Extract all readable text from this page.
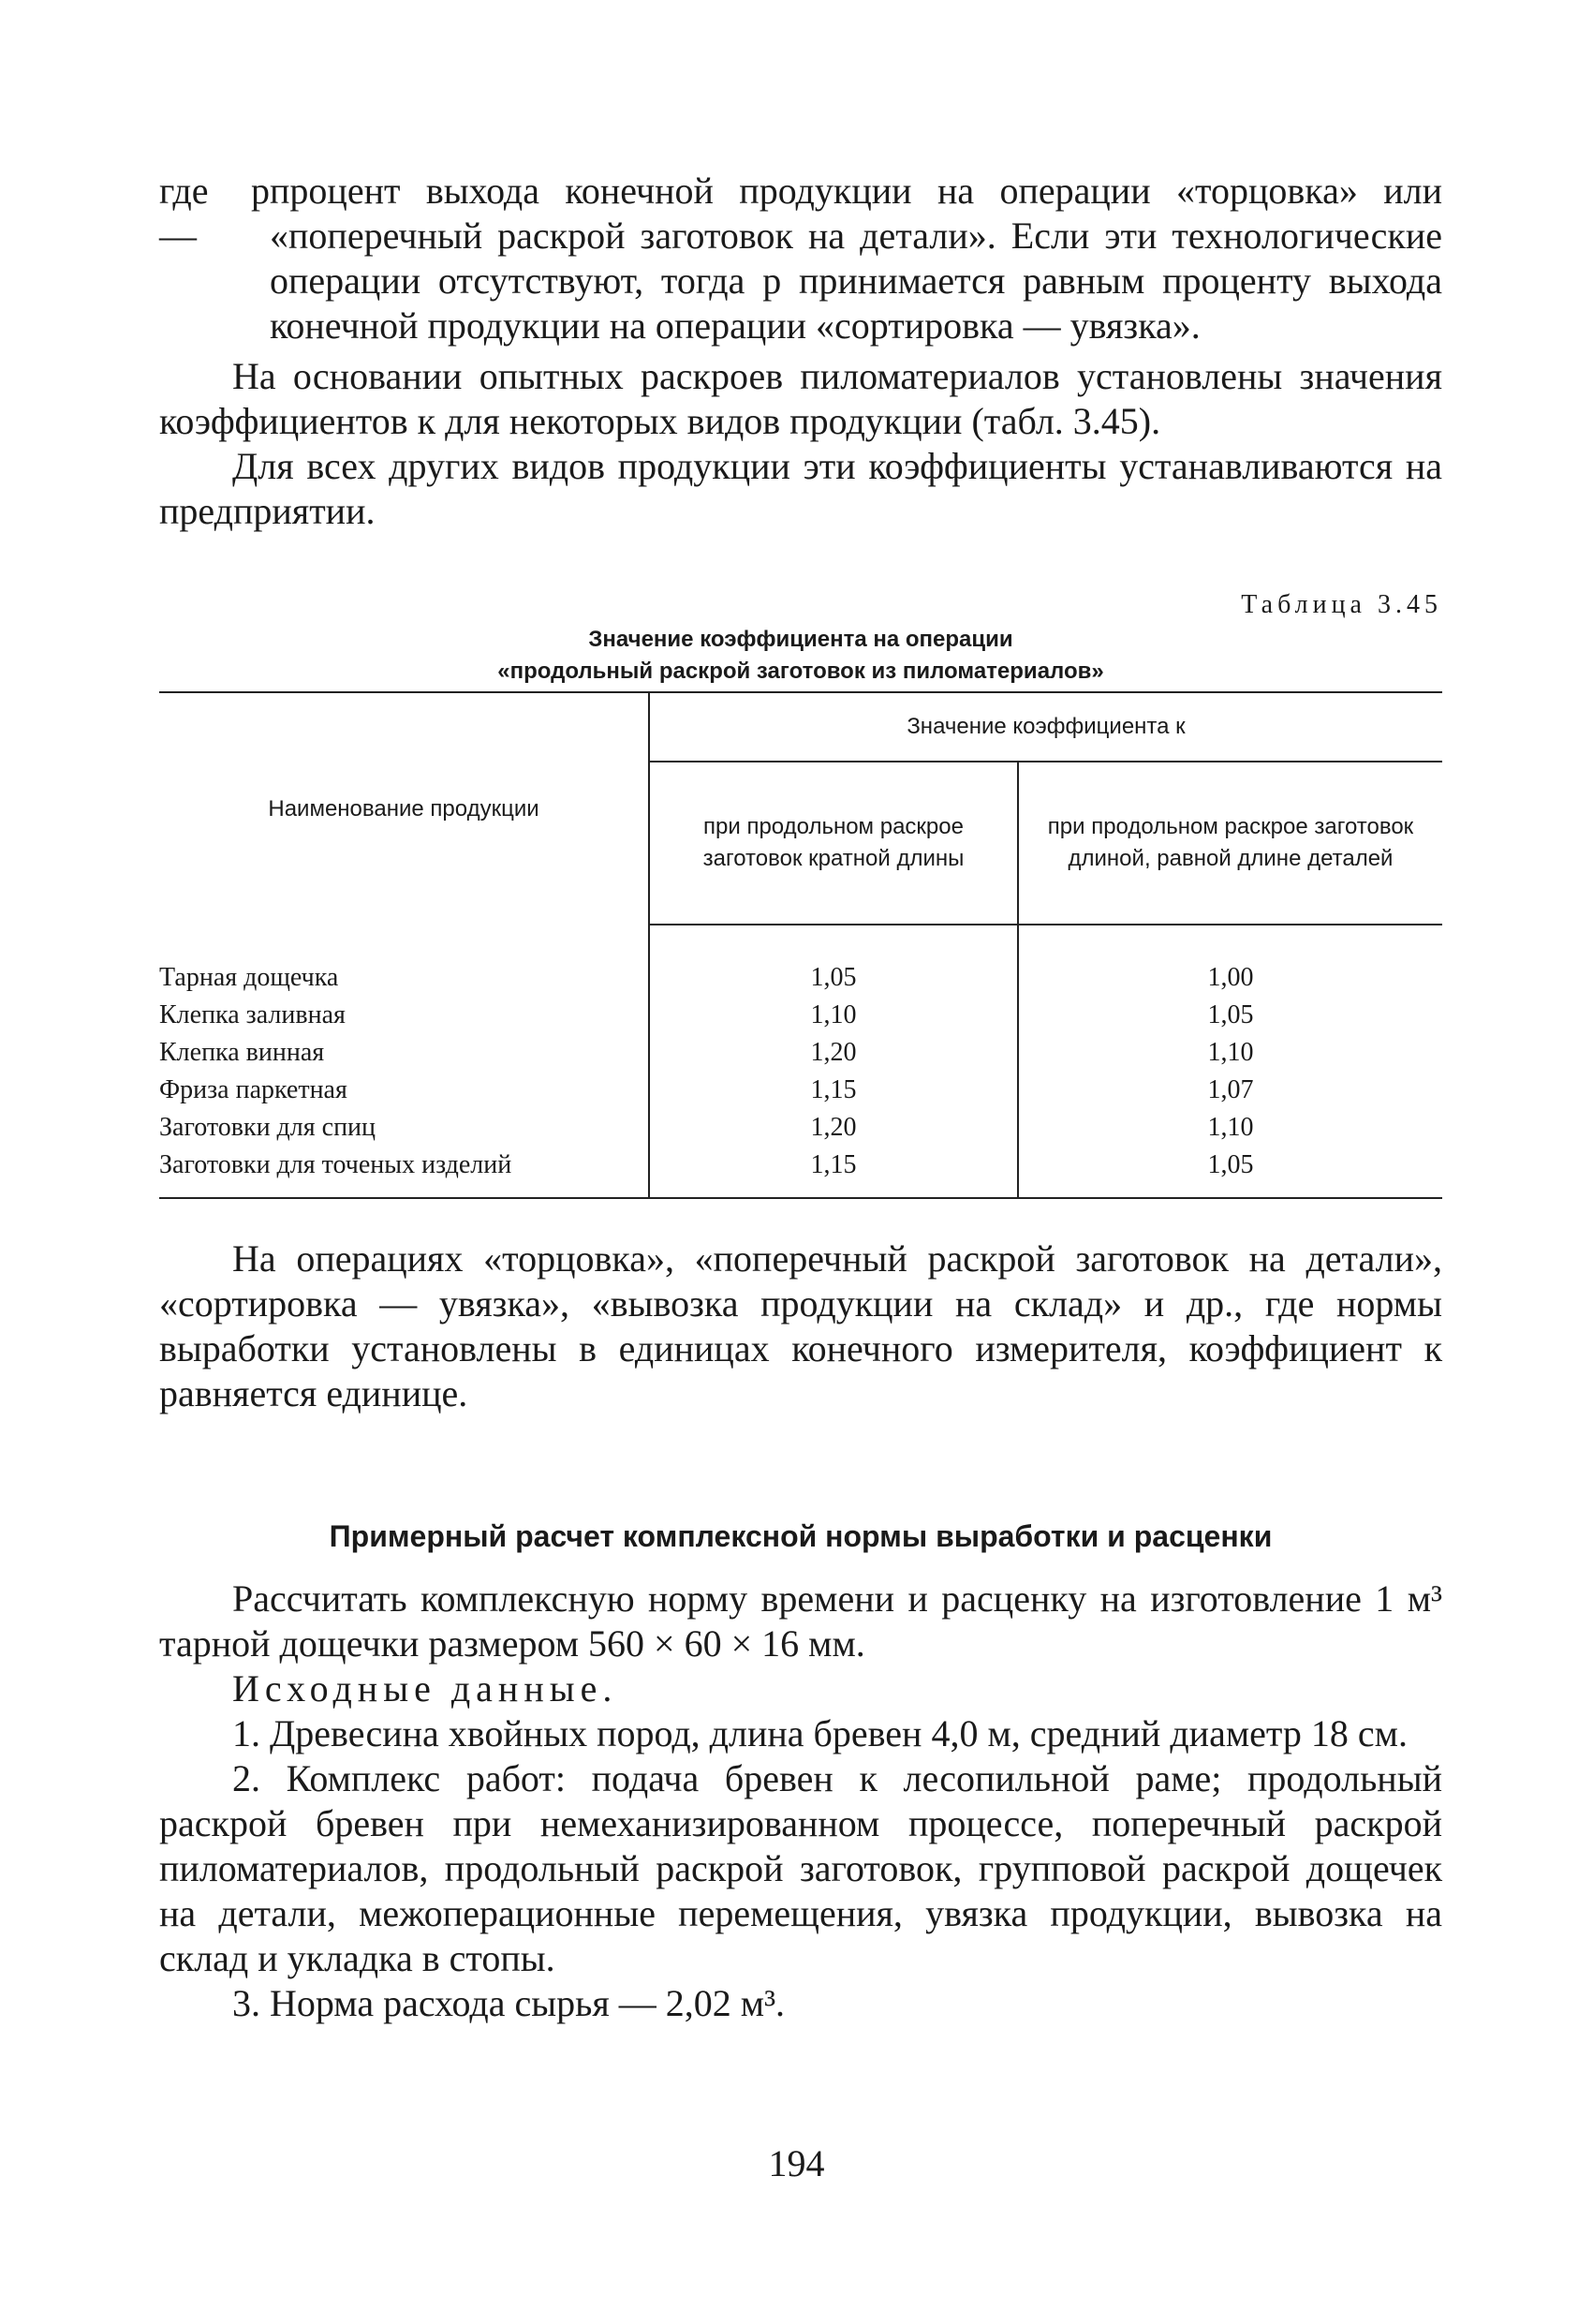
где р —

процент выхода конечной продукции на операции «торцовка» или «поперечный раскрой заготовок на детали». Если эти технологические операции отсутствуют, тогда р принимается равным проценту выхода конечной продукции на операции «сортировка — увязка».

На основании опытных раскроев пиломатериалов установлены значения коэффициентов к для некоторых видов продукции (табл. 3.45).

Для всех других видов продукции эти коэффициенты устанавливаются на предприятии.

Таблица 3.45
Значение коэффициента на операции
«продольный раскрой заготовок из пиломатериалов»
Наименование продукции	Значение коэффициента к	
	при продольном раскрое заготовок кратной длины	при продольном раскрое заготовок длиной, равной длине деталей
Тарная дощечка	1,05	1,00
Клепка заливная	1,10	1,05
Клепка винная	1,20	1,10
Фриза паркетная	1,15	1,07
Заготовки для спиц	1,20	1,10
Заготовки для точеных изделий	1,15	1,05

На операциях «торцовка», «поперечный раскрой заготовок на детали», «сортировка — увязка», «вывозка продукции на склад» и др., где нормы выработки установлены в единицах конечного измерителя, коэффициент к равняется единице.

Примерный расчет комплексной нормы выработки и расценки

Рассчитать комплексную норму времени и расценку на изготовление 1 м³ тарной дощечки размером 560 × 60 × 16 мм.

Исходные данные.

1. Древесина хвойных пород, длина бревен 4,0 м, средний диаметр 18 см.

2. Комплекс работ: подача бревен к лесопильной раме; продольный раскрой бревен при немеханизированном процессе, поперечный раскрой пиломатериалов, продольный раскрой заготовок, групповой раскрой дощечек на детали, межоперационные перемещения, увязка продукции, вывозка на склад и укладка в стопы.

3. Норма расхода сырья — 2,02 м³.

194
